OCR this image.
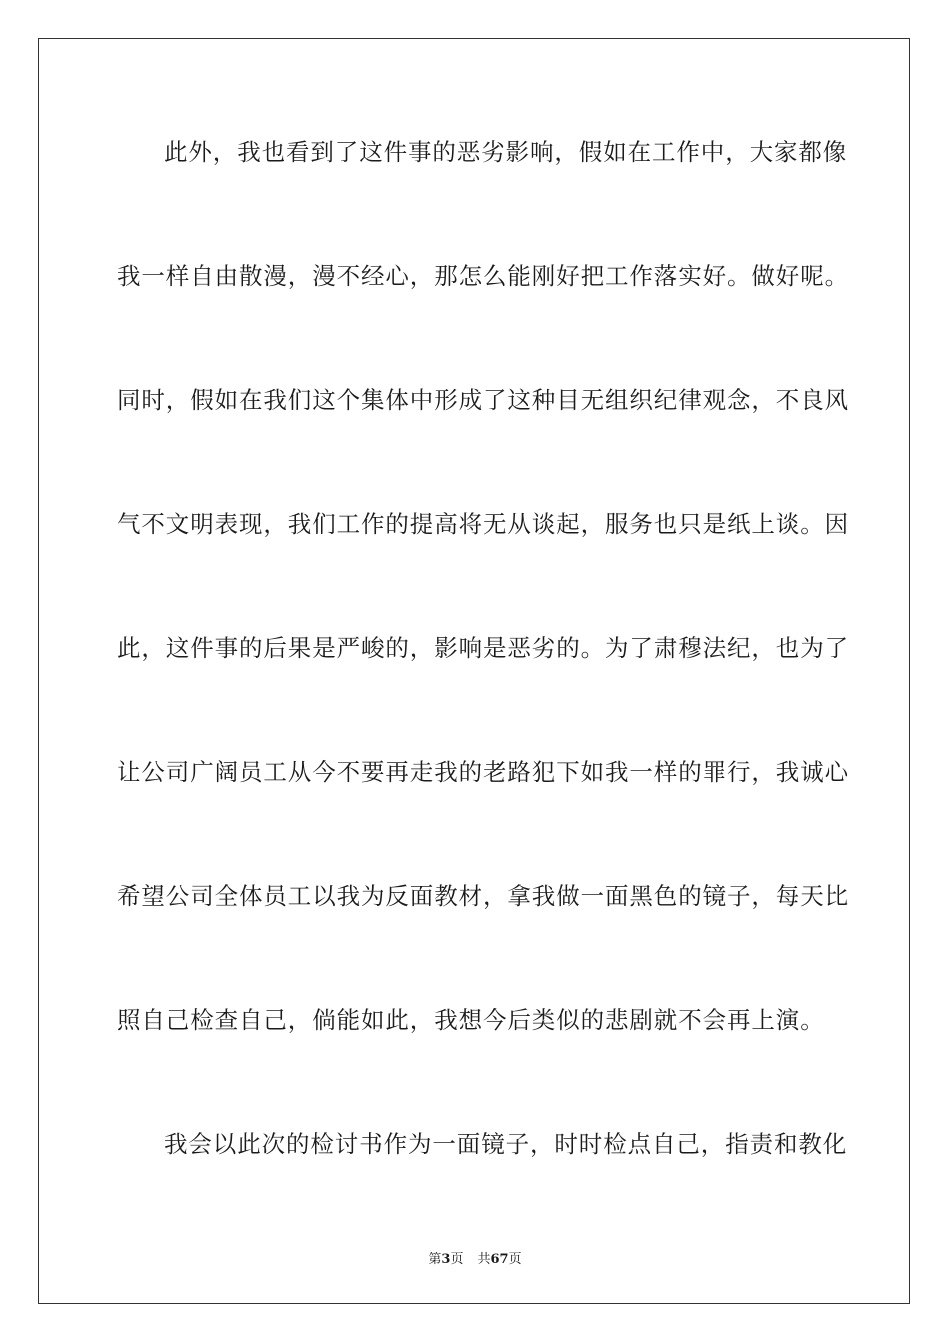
此外，我也看到了这件事的恶劣影响，假如在工作中，大家都像
我一样自由散漫，漫不经心，那怎么能刚好把工作落实好。做好呢。
同时，假如在我们这个集体中形成了这种目无组织纪律观念，不良风
气不文明表现，我们工作的提高将无从谈起，服务也只是纸上谈。因
此，这件事的后果是严峻的，影响是恶劣的。为了肃穆法纪，也为了
让公司广阔员工从今不要再走我的老路犯下如我一样的罪行，我诚心
希望公司全体员工以我为反面教材，拿我做一面黑色的镜子，每天比
照自己检查自己，倘能如此，我想今后类似的悲剧就不会再上演。
我会以此次的检讨书作为一面镜子，时时检点自己，指责和教化
第3页 共67页
